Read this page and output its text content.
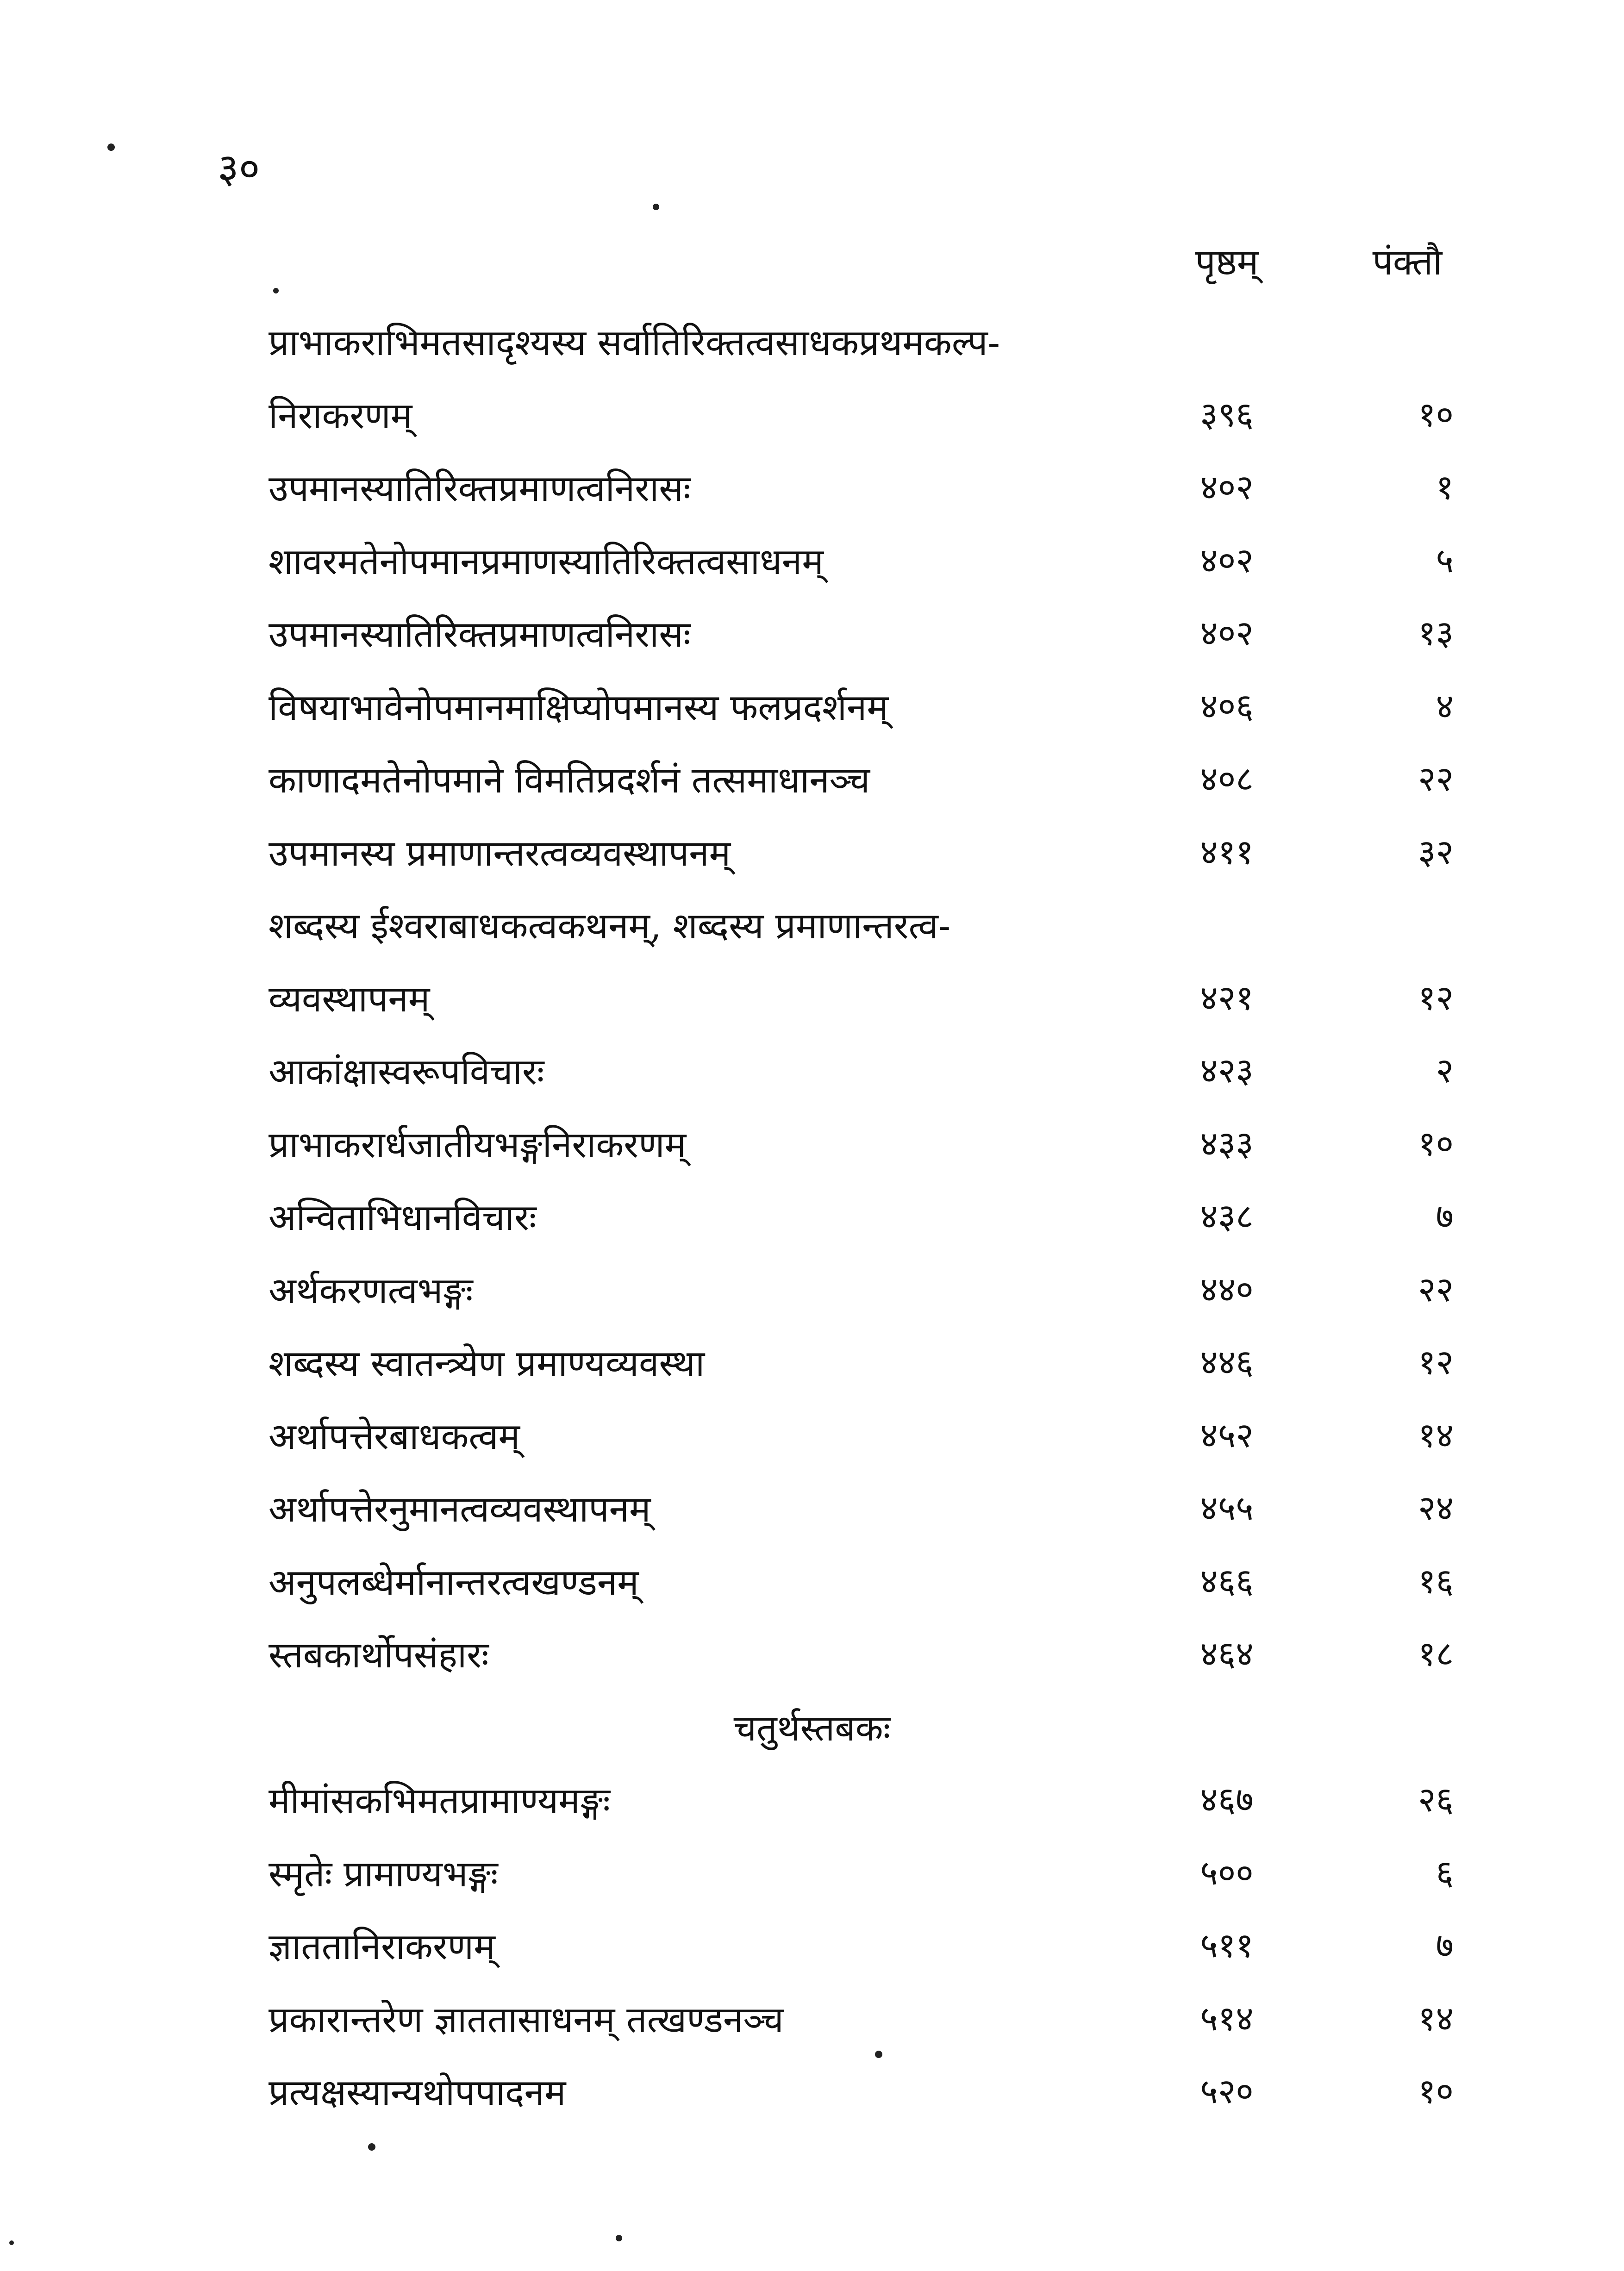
३०
पृष्ठम्	पंक्तौ
प्राभाकराभिमतसादृश्यस्य सर्वातिरिक्तत्वसाधकप्रथमकल्प-
निराकरणम्	३९६	१०
उपमानस्यातिरिक्तप्रमाणत्वनिरासः	४०२	१
शावरमतेनोपमानप्रमाणस्यातिरिक्तत्वसाधनम्	४०२	५
उपमानस्यातिरिक्तप्रमाणत्वनिरासः	४०२	१३
विषयाभावेनोपमानमाक्षिप्योपमानस्य फलप्रदर्शनम्	४०६	४
काणादमतेनोपमाने विमतिप्रदर्शनं तत्समाधानञ्च	४०८	२२
उपमानस्य प्रमाणान्तरत्वव्यवस्थापनम्	४११	३२
शब्दस्य ईश्वराबाधकत्वकथनम्, शब्दस्य प्रमाणान्तरत्व-
व्यवस्थापनम्	४२१	१२
आकांक्षास्वरूपविचारः	४२३	२
प्राभाकरार्धजातीयभङ्गनिराकरणम्	४३३	१०
अन्विताभिधानविचारः	४३८	७
अर्थकरणत्वभङ्गः	४४०	२२
शब्दस्य स्वातन्त्र्येण प्रमाण्यव्यवस्था	४४६	१२
अर्थापत्तेरबाधकत्वम्	४५२	१४
अर्थापत्तेरनुमानत्वव्यवस्थापनम्	४५५	२४
अनुपलब्धेर्मानान्तरत्वखण्डनम्	४६६	१६
स्तबकार्थोपसंहारः	४६४	१८
चतुर्थस्तबकः
मीमांसकभिमतप्रामाण्यमङ्गः	४६७	२६
स्मृतेः प्रामाण्यभङ्गः	५००	६
ज्ञाततानिराकरणम्	५११	७
प्रकारान्तरेण ज्ञाततासाधनम् तत्खण्डनञ्च	५१४	१४
प्रत्यक्षस्यान्यथोपपादनम	५२०	१०
